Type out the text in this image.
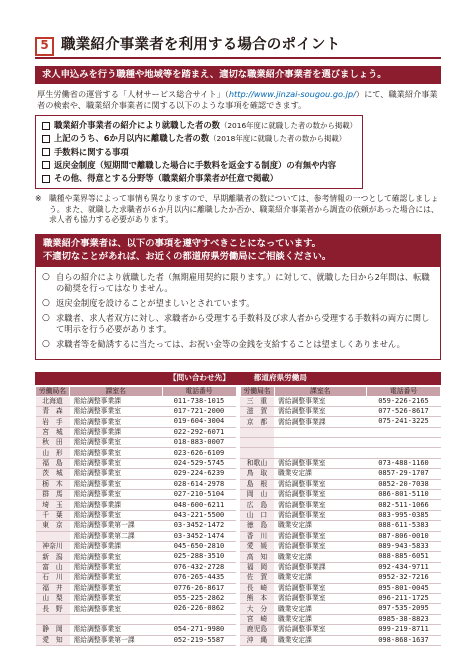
5 職業紹介事業者を利用する場合のポイント
求人申込みを行う職種や地域等を踏まえ、適切な職業紹介事業者を選びましょう。
厚生労働省の運営する「人材サービス総合サイト」（http://www.jinzai-sougou.go.jp/）にて、職業紹介事業者の検索や、職業紹介事業者に関する以下のような事項を確認できます。
職業紹介事業者の紹介により就職した者の数 （2016年度に就職した者の数から掲載）
上記のうち、6か月以内に離職した者の数 （2018年度に就職した者の数から掲載）
手数料に関する事項
返戻金制度（短期間で離職した場合に手数料を返金する制度）の有無や内容
その他、得意とする分野等（職業紹介事業者が任意で掲載）
※ 職種や業界等によって事情も異なりますので、早期離職者の数については、参考情報の一つとして確認しましょう。また、就職した求職者が６か月以内に離職したか否か、職業紹介事業者から調査の依頼があった場合には、求人者も協力する必要があります。
職業紹介事業者は、以下の事項を遵守すべきことになっています。
不適切なことがあれば、お近くの都道府県労働局にご相談ください。
○ 自らの紹介により就職した者（無期雇用契約に限ります。）に対して、就職した日から2年間は、転職の勧奨を行ってはなりません。
○ 返戻金制度を設けることが望ましいとされています。
○ 求職者、求人者双方に対し、求職者から受理する手数料及び求人者から受理する手数料の両方に関して明示を行う必要があります。
○ 求職者等を勧誘するに当たっては、お祝い金等の金銭を支給することは望ましくありません。
【問い合わせ先】	都道府県労働局
労働局名	課室名	電話番号
北海道	需給調整事業課	011-738-1015
青　森	需給調整事業室	017-721-2000
岩　手	需給調整事業室	019-604-3004
宮　城	需給調整事業課	022-292-6071
秋　田	需給調整事業室	018-883-0007
山　形	需給調整事業室	023-626-6109
福　島	需給調整事業室	024-529-5745
茨　城	需給調整事業室	029-224-6239
栃　木	需給調整事業室	028-614-2978
群　馬	需給調整事業室	027-210-5104
埼　玉	需給調整事業課	048-600-6211
千　葉	需給調整事業室	043-221-5500
東　京	需給調整事業第一課	03-3452-1472
	需給調整事業第二課	03-3452-1474
神奈川	需給調整事業課	045-650-2810
新　潟	需給調整事業室	025-288-3510
富　山	需給調整事業室	076-432-2728
石　川	需給調整事業室	076-265-4435
福　井	需給調整事業室	0776-26-8617
山　梨	需給調整事業室	055-225-2862
長　野	需給調整事業室	026-226-0862

静　岡	需給調整事業室	054-271-9980
愛　知	需給調整事業第一課	052-219-5587
労働局名	課室名	電話番号
三　重	需給調整事業室	059-226-2165
滋　賀	需給調整事業室	077-526-8617
京　都	需給調整事業課	075-241-3225

和歌山	需給調整事業室	073-488-1160
鳥　取	職業安定課	0857-29-1707
島　根	需給調整事業室	0852-20-7038
岡　山	需給調整事業室	086-801-5110
広　島	需給調整事業室	082-511-1066
山　口	需給調整事業室	083-995-0385
徳　島	職業安定課	088-611-5383
香　川	需給調整事業室	087-806-0010
愛　媛	需給調整事業室	089-943-5833
高　知	職業安定課	088-885-6051
福　岡	需給調整事業課	092-434-9711
佐　賀	職業安定課	0952-32-7216
長　崎	需給調整事業室	095-801-0045
熊　本	需給調整事業室	096-211-1725
大　分	職業安定課	097-535-2095
宮　崎	職業安定課	0985-38-8823
鹿児島	需給調整事業室	099-219-8711
沖　縄	職業安定課	098-868-1637
